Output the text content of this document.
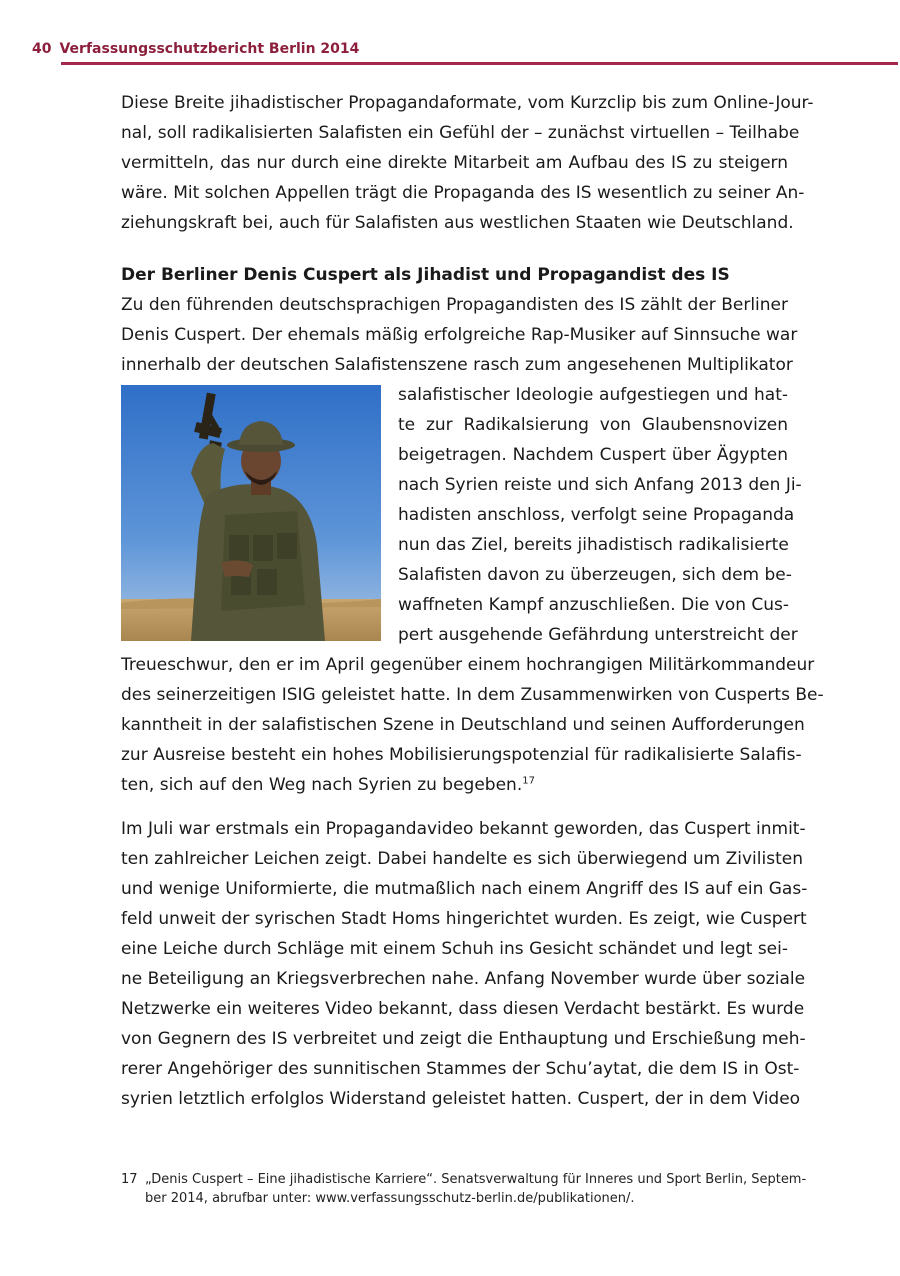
40 Verfassungsschutzbericht Berlin 2014

Diese Breite jihadistischer Propagandaformate, vom Kurzclip bis zum Online-Jour-

nal, soll radikalisierten Salafisten ein Gefühl der – zunächst virtuellen – Teilhabe

vermitteln, das nur durch eine direkte Mitarbeit am Aufbau des IS zu steigern

wäre. Mit solchen Appellen trägt die Propaganda des IS wesentlich zu seiner An-

ziehungskraft bei, auch für Salafisten aus westlichen Staaten wie Deutschland.

Der Berliner Denis Cuspert als Jihadist und Propagandist des IS

Zu den führenden deutschsprachigen Propagandisten des IS zählt der Berliner

Denis Cuspert. Der ehemals mäßig erfolgreiche Rap-Musiker auf Sinnsuche war

innerhalb der deutschen Salafistenszene rasch zum angesehenen Multiplikator

salafistischer Ideologie aufgestiegen und hat-

te zur Radikalsierung von Glaubensnovizen

beigetragen. Nachdem Cuspert über Ägypten

nach Syrien reiste und sich Anfang 2013 den Ji-

hadisten anschloss, verfolgt seine Propaganda

nun das Ziel, bereits jihadistisch radikalisierte

Salafisten davon zu überzeugen, sich dem be-

waffneten Kampf anzuschließen. Die von Cus-

pert ausgehende Gefährdung unterstreicht der

Treueschwur, den er im April gegenüber einem hochrangigen Militärkommandeur

des seinerzeitigen ISIG geleistet hatte. In dem Zusammenwirken von Cusperts Be-

kanntheit in der salafistischen Szene in Deutschland und seinen Aufforderungen

zur Ausreise besteht ein hohes Mobilisierungspotenzial für radikalisierte Salafis-

ten, sich auf den Weg nach Syrien zu begeben.$^{17}$

Im Juli war erstmals ein Propagandavideo bekannt geworden, das Cuspert inmit-

ten zahlreicher Leichen zeigt. Dabei handelte es sich überwiegend um Zivilisten

und wenige Uniformierte, die mutmaßlich nach einem Angriff des IS auf ein Gas-

feld unweit der syrischen Stadt Homs hingerichtet wurden. Es zeigt, wie Cuspert

eine Leiche durch Schläge mit einem Schuh ins Gesicht schändet und legt sei-

ne Beteiligung an Kriegsverbrechen nahe. Anfang November wurde über soziale

Netzwerke ein weiteres Video bekannt, dass diesen Verdacht bestärkt. Es wurde

von Gegnern des IS verbreitet und zeigt die Enthauptung und Erschießung meh-

rerer Angehöriger des sunnitischen Stammes der Schu’aytat, die dem IS in Ost-

syrien letztlich erfolglos Widerstand geleistet hatten. Cuspert, der in dem Video

17 „Denis Cuspert – Eine jihadistische Karriere“. Senatsverwaltung für Inneres und Sport Berlin, Septem-

ber 2014, abrufbar unter: www.verfassungsschutz-berlin.de/publikationen/.
